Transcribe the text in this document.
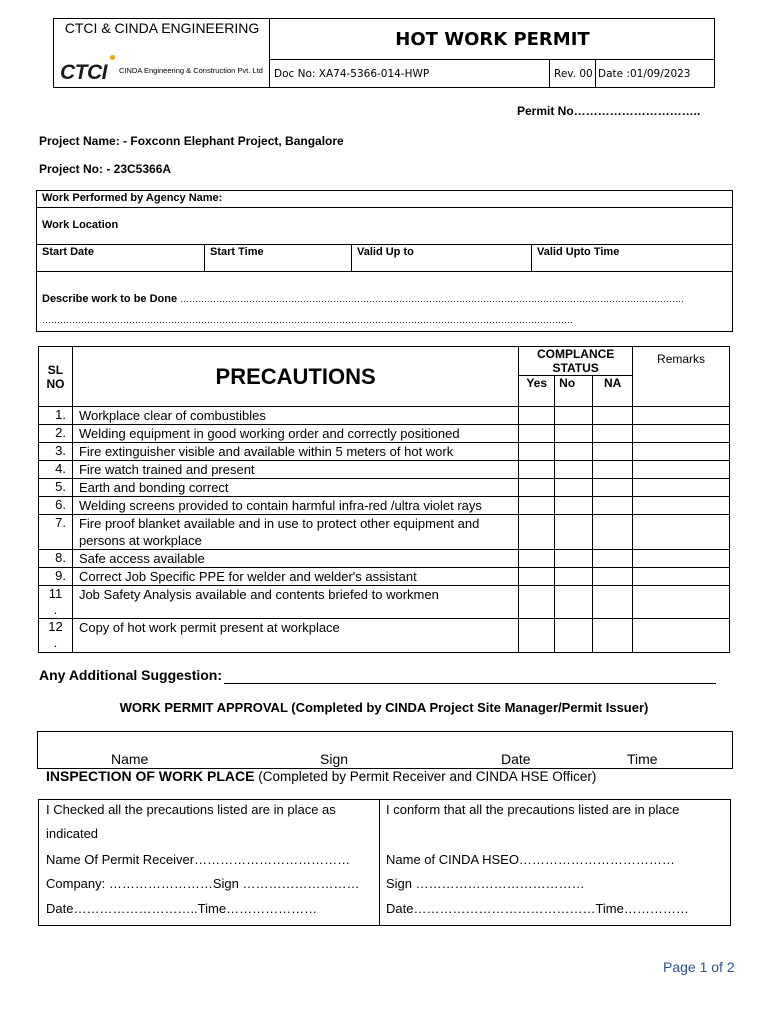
CTCI & CINDA ENGINEERING
CTCI CINDA Engineering & Construction Pvt. Ltd
HOT WORK PERMIT
Doc No: XA74-5366-014-HWP	Rev. 00 Date :01/09/2023
Permit No…………………………..
Project Name: - Foxconn Elephant Project, Bangalore
Project No: - 23C5366A
Work Performed by Agency Name:
Work Location
Start Date	Start Time	Valid Up to	Valid Upto Time
Describe work to be Done ……………………………………………………………………………………………………………………………………………………
……………………………………………………………………………………………………………………………………………………………
SL
NO	PRECAUTIONS	COMPLANCE STATUS			Remarks
		Yes	No	NA	
1.	Workplace clear of combustibles				
2.	Welding equipment in good working order and correctly positioned				
3.	Fire extinguisher visible and available within 5 meters of hot work				
4.	Fire watch trained and present				
5.	Earth and bonding correct				
6.	Welding screens provided to contain harmful infra-red /ultra violet rays				
7.	Fire proof blanket available and in use to protect other equipment and persons at workplace				
8.	Safe access available				
9.	Correct Job Specific PPE for welder and welder's assistant				
11
.	Job Safety Analysis available and contents briefed to workmen				
12
.	Copy of hot work permit present at workplace				
Any Additional Suggestion:
WORK PERMIT APPROVAL (Completed by CINDA Project Site Manager/Permit Issuer)
Name	Sign	Date	Time
INSPECTION OF WORK PLACE (Completed by Permit Receiver and CINDA HSE Officer)
I Checked all the precautions listed are in place as
indicated
Name Of Permit Receiver………………………………
Company: ……………………Sign ………………………
Date………………………..Time…………………
I conform that all the precautions listed are in place
Name of CINDA HSEO………………………………
Sign …………………………………
Date……………………………………Time……………
Page 1 of 2
